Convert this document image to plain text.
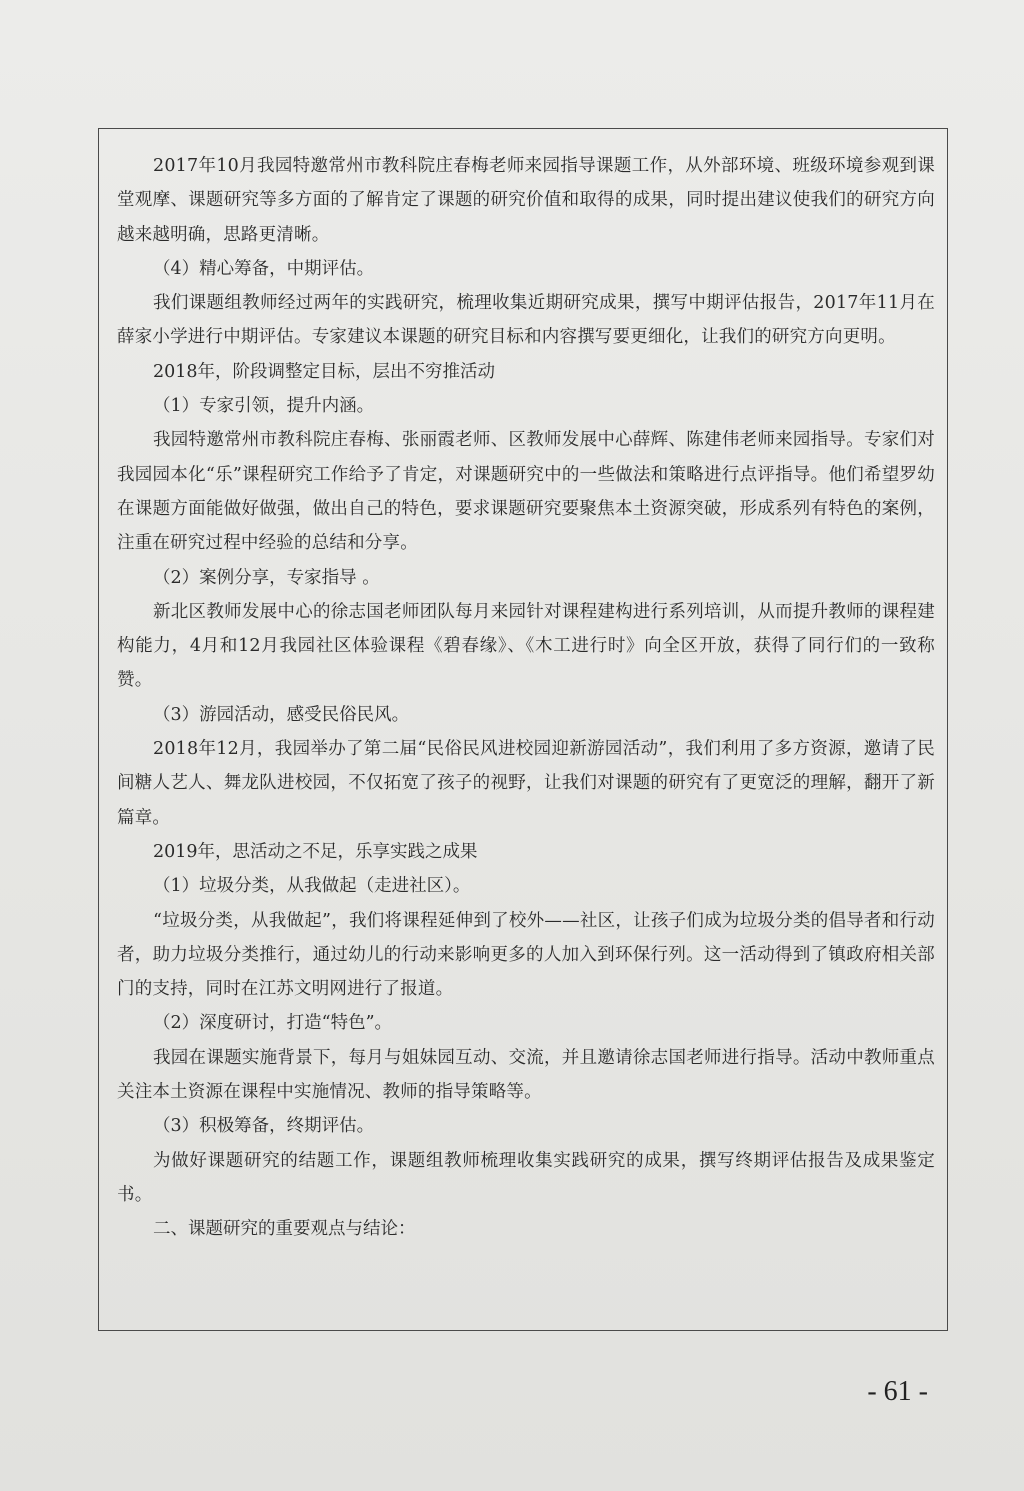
2017年10月我园特邀常州市教科院庄春梅老师来园指导课题工作，从外部环境、班级环境参观到课堂观摩、课题研究等多方面的了解肯定了课题的研究价值和取得的成果，同时提出建议使我们的研究方向越来越明确，思路更清晰。

（4）精心筹备，中期评估。

我们课题组教师经过两年的实践研究，梳理收集近期研究成果，撰写中期评估报告，2017年11月在薛家小学进行中期评估。专家建议本课题的研究目标和内容撰写要更细化，让我们的研究方向更明。

2018年，阶段调整定目标，层出不穷推活动

（1）专家引领，提升内涵。

我园特邀常州市教科院庄春梅、张丽霞老师、区教师发展中心薛辉、陈建伟老师来园指导。专家们对我园园本化“乐”课程研究工作给予了肯定，对课题研究中的一些做法和策略进行点评指导。他们希望罗幼在课题方面能做好做强，做出自己的特色，要求课题研究要聚焦本土资源突破，形成系列有特色的案例，注重在研究过程中经验的总结和分享。

（2）案例分享，专家指导 。

新北区教师发展中心的徐志国老师团队每月来园针对课程建构进行系列培训，从而提升教师的课程建构能力，4月和12月我园社区体验课程《碧春缘》、《木工进行时》向全区开放，获得了同行们的一致称赞。

（3）游园活动，感受民俗民风。

2018年12月，我园举办了第二届“民俗民风进校园迎新游园活动”，我们利用了多方资源，邀请了民间糖人艺人、舞龙队进校园，不仅拓宽了孩子的视野，让我们对课题的研究有了更宽泛的理解，翻开了新篇章。

2019年，思活动之不足，乐享实践之成果

（1）垃圾分类，从我做起（走进社区）。

“垃圾分类，从我做起”，我们将课程延伸到了校外——社区，让孩子们成为垃圾分类的倡导者和行动者，助力垃圾分类推行，通过幼儿的行动来影响更多的人加入到环保行列。这一活动得到了镇政府相关部门的支持，同时在江苏文明网进行了报道。

（2）深度研讨，打造“特色”。

我园在课题实施背景下，每月与姐妹园互动、交流，并且邀请徐志国老师进行指导。活动中教师重点关注本土资源在课程中实施情况、教师的指导策略等。

（3）积极筹备，终期评估。

为做好课题研究的结题工作，课题组教师梳理收集实践研究的成果，撰写终期评估报告及成果鉴定书。

二、课题研究的重要观点与结论：

- 61 -
